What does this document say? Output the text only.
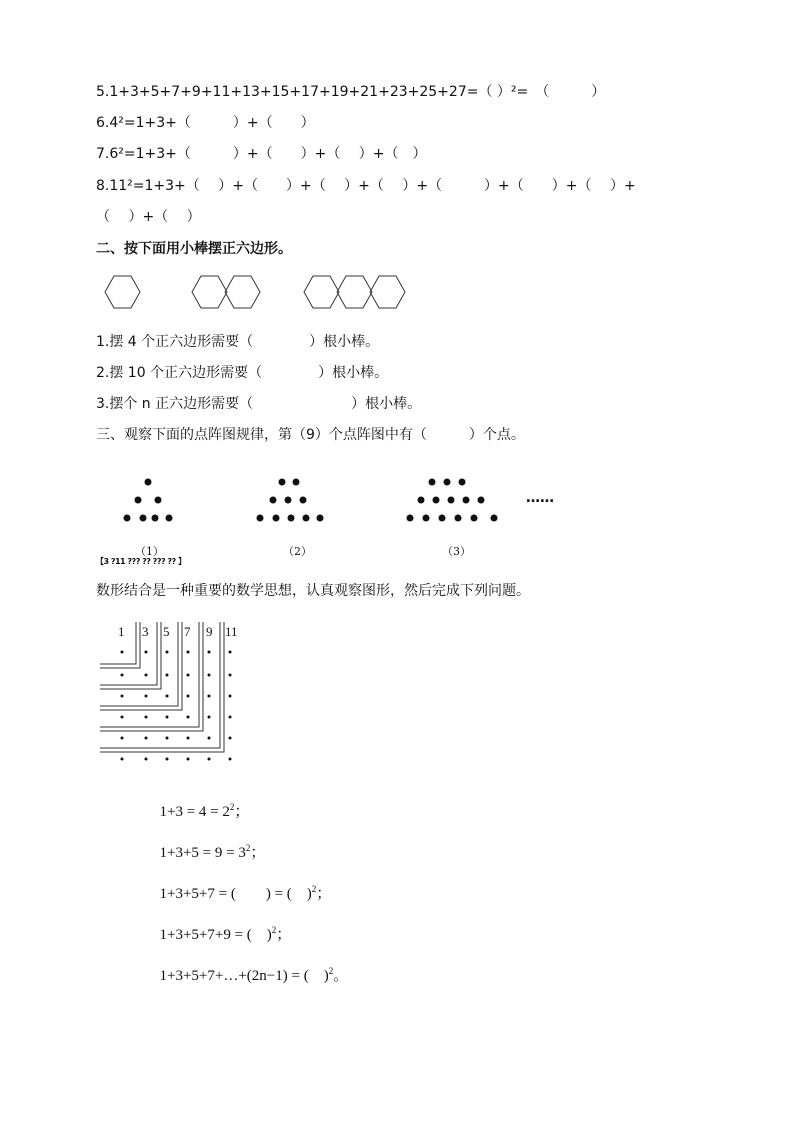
5.1+3+5+7+9+11+13+15+17+19+21+23+25+27=（ ）²=　（　　　）
6.4²=1+3+（　　　）+（　　）
7.6²=1+3+（　　　）+（　　）+（　 ）+（　）
8.11²=1+3+（　 ）+（　　）+（　 ）+（　 ）+（　　　）+（　　）+（　 ）+
（　 ）+（　 ）
二、按下面用小棒摆正六边形。
1.摆 4 个正六边形需要（　　　　）根小棒。
2.摆 10 个正六边形需要（　　　　）根小棒。
3.摆个 n 正六边形需要（　　　　　　　）根小棒。
三、观察下面的点阵图规律，第（9）个点阵图中有（　　　）个点。
……
（1）	（2）	（3）
【3 ?11 ??? ?? ??? ?? 】
数形结合是一种重要的数学思想，认真观察图形，然后完成下列问题。
1 3 5 7 9 11

$1+3 = 4 = 2^2$；

$1+3+5 = 9 = 3^2$；

1+3+5+7 = (　　) = (　)$^2$；

1+3+5+7+9 = (　)$^2$；

1+3+5+7+…+(2n−1) = (　)$^2$。
